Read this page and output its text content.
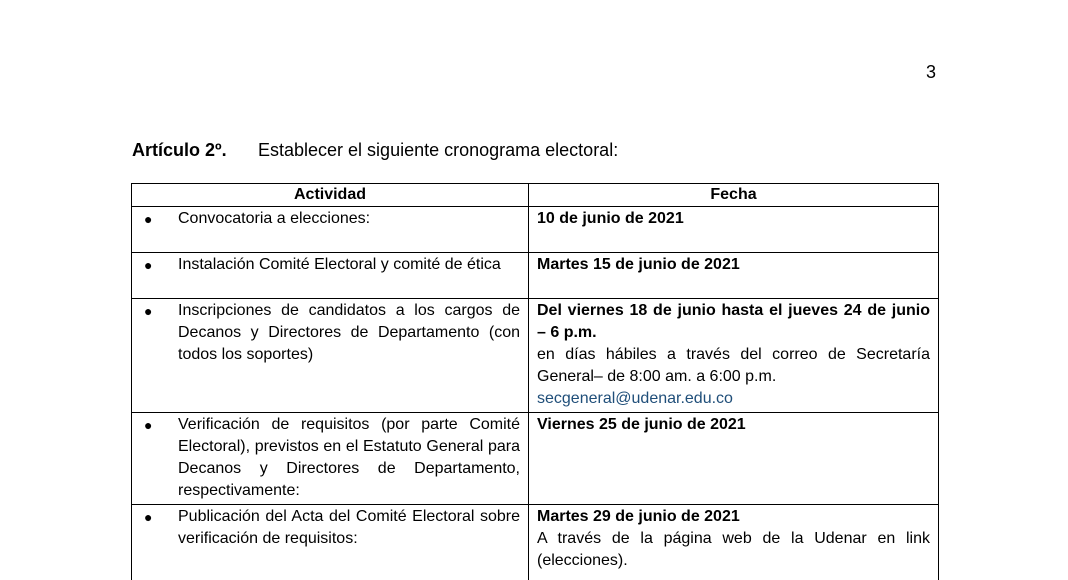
3
Artículo 2º. Establecer el siguiente cronograma electoral:
Actividad	Fecha

● Convocatoria a elecciones:	10 de junio de 2021

● Instalación Comité Electoral y comité de ética	Martes 15 de junio de 2021

● Inscripciones de candidatos a los cargos de Decanos y Directores de Departamento (con todos los soportes)	Del viernes 18 de junio hasta el jueves 24 de junio – 6 p.m.
en días hábiles a través del correo de Secretaría General– de 8:00 am. a 6:00 p.m.
secgeneral@udenar.edu.co

● Verificación de requisitos (por parte Comité Electoral), previstos en el Estatuto General para Decanos y Directores de Departamento, respectivamente:	Viernes 25 de junio de 2021

● Publicación del Acta del Comité Electoral sobre verificación de requisitos:	Martes 29 de junio de 2021
A través de la página web de la Udenar en link (elecciones).
